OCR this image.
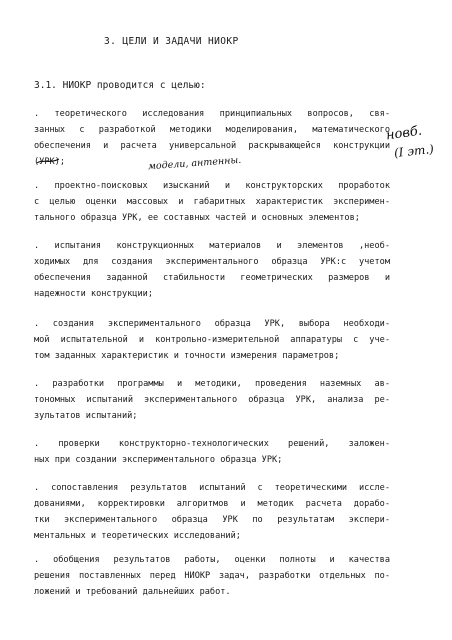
3. ЦЕЛИ И ЗАДАЧИ НИОКР
3.1. НИОКР проводится с целью:
. теоретического исследования принципиальных вопросов, свя-
занных с разработкой методики моделирования, математического
обеспечения и расчета универсальной раскрывающейся конструкции
(УРК);
. проектно-поисковых изысканий и конструкторских проработок
с целью оценки массовых и габаритных характеристик эксперимен-
тального образца УРК, ее составных частей и основных элементов;
. испытания конструкционных материалов и элементов ,необ-
ходимых для создания экспериментального образца УРК:с учетом
обеспечения заданной стабильности геометрических размеров и
надежности конструкции;
. создания экспериментального образца УРК, выбора необходи-
мой испытательной и контрольно-измерительной аппаратуры с уче-
том заданных характеристик и точности измерения параметров;
. разработки программы и методики, проведения наземных ав-
тономных испытаний экспериментального образца УРК, анализа ре-
зультатов испытаний;
. проверки конструкторно-технологических решений, заложен-
ных при создании экспериментального образца УРК;
. сопоставления результатов испытаний с теоретическими иссле-
дованиями, корректировки алгоритмов и методик расчета дорабо-
тки экспериментального образца УРК по результатам экспери-
ментальных и теоретических исследований;
. обобщения результатов работы, оценки полноты и качества
решения поставленных перед НИОКР задач, разработки отдельных по-
ложений и требований дальнейших работ.
новб.
(I эт.)
модели, антенны.
